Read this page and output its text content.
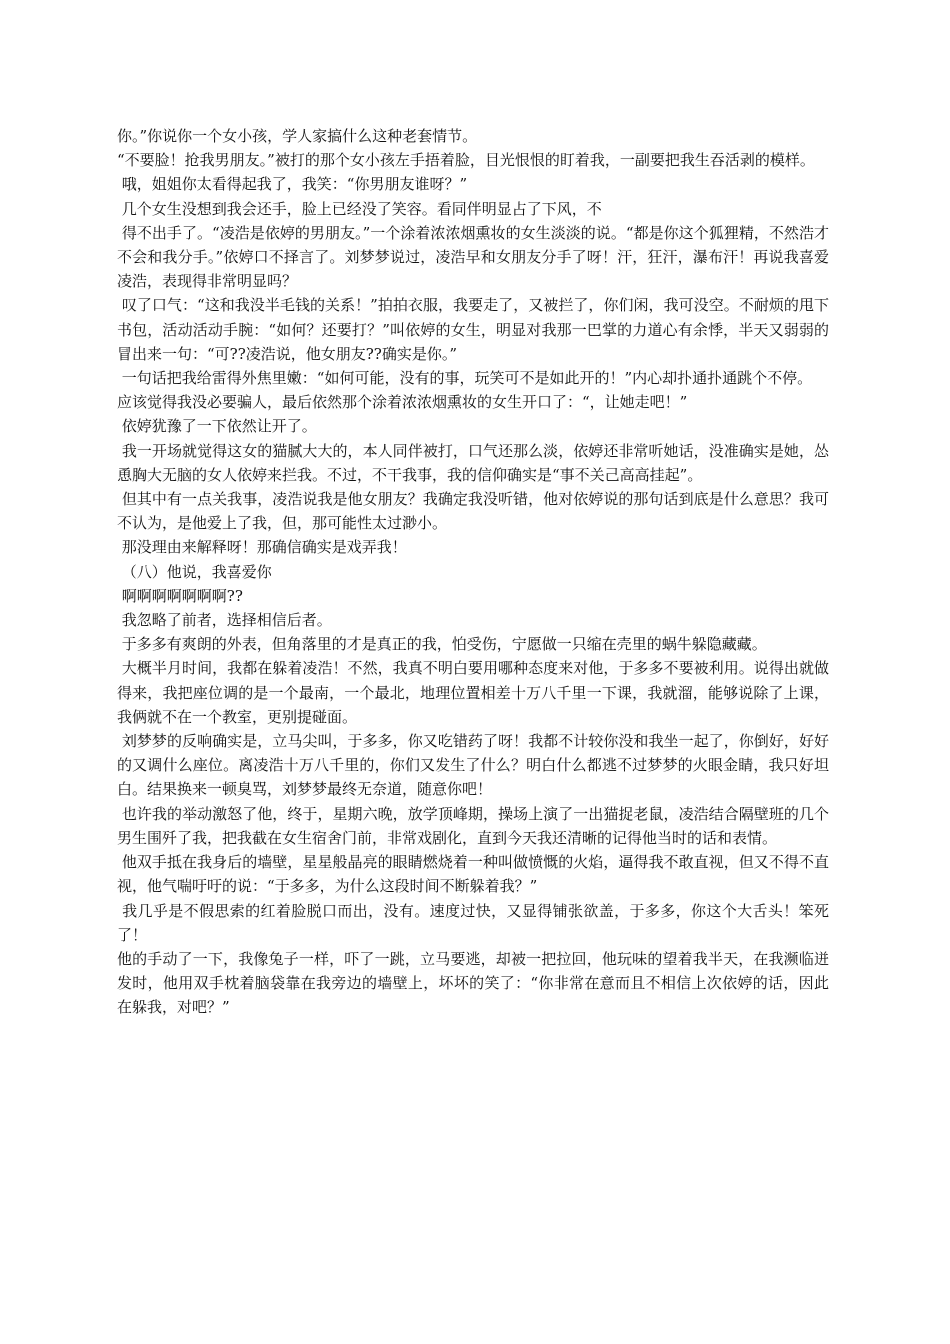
你。”你说你一个女小孩，学人家搞什么这种老套情节。

“不要脸！抢我男朋友。”被打的那个女小孩左手捂着脸，目光恨恨的盯着我，一副要把我生吞活剥的模样。

哦，姐姐你太看得起我了，我笑：“你男朋友谁呀？”

几个女生没想到我会还手，脸上已经没了笑容。看同伴明显占了下风，不

得不出手了。“凌浩是依婷的男朋友。”一个涂着浓浓烟熏妆的女生淡淡的说。“都是你这个狐狸精，不然浩才不会和我分手。”依婷口不择言了。刘梦梦说过，凌浩早和女朋友分手了呀！汗，狂汗，瀑布汗！再说我喜爱凌浩，表现得非常明显吗？

叹了口气：“这和我没半毛钱的关系！”拍拍衣服，我要走了，又被拦了，你们闲，我可没空。不耐烦的甩下书包，活动活动手腕：“如何？还要打？”叫依婷的女生，明显对我那一巴掌的力道心有余悸，半天又弱弱的冒出来一句：“可??凌浩说，他女朋友??确实是你。”

一句话把我给雷得外焦里嫩：“如何可能，没有的事，玩笑可不是如此开的！”内心却扑通扑通跳个不停。

应该觉得我没必要骗人，最后依然那个涂着浓浓烟熏妆的女生开口了：“，让她走吧！”

依婷犹豫了一下依然让开了。

我一开场就觉得这女的猫腻大大的，本人同伴被打，口气还那么淡，依婷还非常听她话，没准确实是她，怂恿胸大无脑的女人依婷来拦我。不过，不干我事，我的信仰确实是“事不关己高高挂起”。

但其中有一点关我事，凌浩说我是他女朋友？我确定我没听错，他对依婷说的那句话到底是什么意思？我可不认为，是他爱上了我，但，那可能性太过渺小。

那没理由来解释呀！那确信确实是戏弄我！

（八）他说，我喜爱你

啊啊啊啊啊啊啊??

我忽略了前者，选择相信后者。

于多多有爽朗的外表，但角落里的才是真正的我，怕受伤，宁愿做一只缩在壳里的蜗牛躲隐藏藏。

大概半月时间，我都在躲着凌浩！不然，我真不明白要用哪种态度来对他，于多多不要被利用。说得出就做得来，我把座位调的是一个最南，一个最北，地理位置相差十万八千里一下课，我就溜，能够说除了上课，我俩就不在一个教室，更别提碰面。

刘梦梦的反响确实是，立马尖叫，于多多，你又吃错药了呀！我都不计较你没和我坐一起了，你倒好，好好的又调什么座位。离凌浩十万八千里的，你们又发生了什么？明白什么都逃不过梦梦的火眼金睛，我只好坦白。结果换来一顿臭骂，刘梦梦最终无奈道，随意你吧！

也许我的举动激怒了他，终于，星期六晚，放学顶峰期，操场上演了一出猫捉老鼠，凌浩结合隔壁班的几个男生围歼了我，把我截在女生宿舍门前，非常戏剧化，直到今天我还清晰的记得他当时的话和表情。

他双手抵在我身后的墙壁，星星般晶亮的眼睛燃烧着一种叫做愤慨的火焰，逼得我不敢直视，但又不得不直视，他气喘吁吁的说：“于多多，为什么这段时间不断躲着我？”

我几乎是不假思索的红着脸脱口而出，没有。速度过快，又显得铺张欲盖，于多多，你这个大舌头！笨死了！

他的手动了一下，我像兔子一样，吓了一跳，立马要逃，却被一把拉回，他玩味的望着我半天，在我濒临迸发时，他用双手枕着脑袋靠在我旁边的墙壁上，坏坏的笑了：“你非常在意而且不相信上次依婷的话，因此在躲我，对吧？”
